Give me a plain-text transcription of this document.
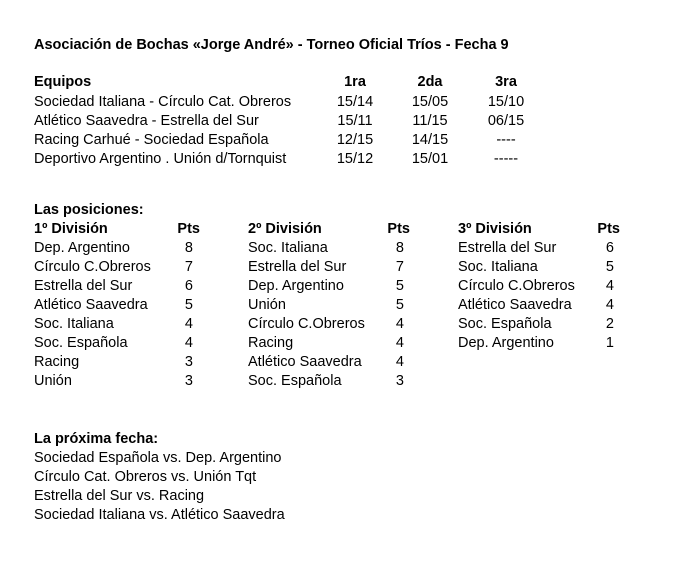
Asociación de Bochas «Jorge André» - Torneo Oficial Tríos - Fecha 9
Equipos	1ra	2da	3ra
Sociedad Italiana - Círculo Cat. Obreros	15/14	15/05	15/10
Atlético Saavedra - Estrella del Sur	15/11	11/15	06/15
Racing Carhué - Sociedad Española	12/15	14/15	----
Deportivo Argentino . Unión d/Tornquist	15/12	15/01	-----
Las posiciones:
1º División	Pts
Dep. Argentino	8
Círculo C.Obreros	7
Estrella del Sur	6
Atlético Saavedra	5
Soc. Italiana	4
Soc. Española	4
Racing	3
Unión	3
2º División	Pts
Soc. Italiana	8
Estrella del Sur	7
Dep. Argentino	5
Unión	5
Círculo C.Obreros	4
Racing	4
Atlético Saavedra	4
Soc. Española	3
3º División	Pts
Estrella del Sur	6
Soc. Italiana	5
Círculo C.Obreros	4
Atlético Saavedra	4
Soc. Española	2
Dep. Argentino	1
La próxima fecha:
Sociedad Española vs. Dep. Argentino
Círculo Cat. Obreros vs. Unión Tqt
Estrella del Sur vs. Racing
Sociedad Italiana vs. Atlético Saavedra
